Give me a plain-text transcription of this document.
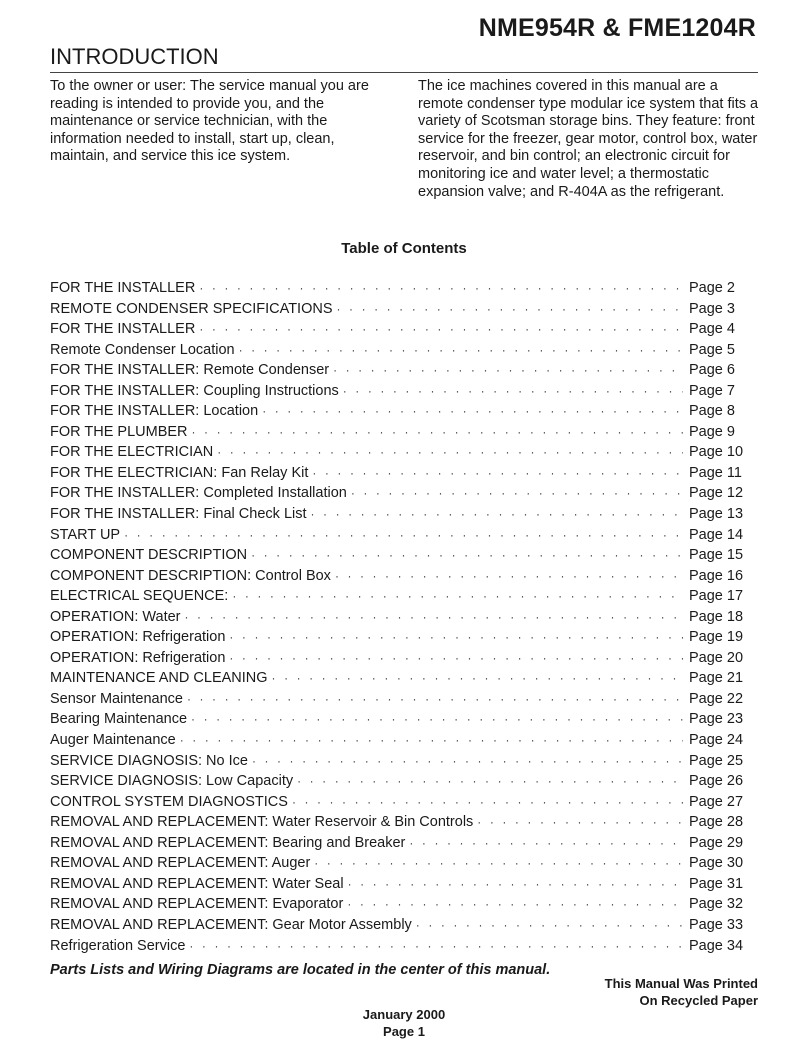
NME954R & FME1204R
INTRODUCTION

To the owner or user: The service manual you are reading is intended to provide you, and the maintenance or service technician, with the information needed to install, start up, clean, maintain, and service this ice system.

The ice machines covered in this manual are a remote condenser type modular ice system that fits a variety of Scotsman storage bins. They feature: front service for the freezer, gear motor, control box, water reservoir, and bin control; an electronic circuit for monitoring ice and water level; a thermostatic expansion valve; and R-404A as the refrigerant.

Table of Contents
FOR THE INSTALLER · · ·	Page 2
REMOTE CONDENSER SPECIFICATIONS · · ·	Page 3
FOR THE INSTALLER · · ·	Page 4
Remote Condenser Location · · ·	Page 5
FOR THE INSTALLER: Remote Condenser · · ·	Page 6
FOR THE INSTALLER: Coupling Instructions · · ·	Page 7
FOR THE INSTALLER: Location · · ·	Page 8
FOR THE PLUMBER · · ·	Page 9
FOR THE ELECTRICIAN · · ·	Page 10
FOR THE ELECTRICIAN: Fan Relay Kit · · ·	Page 11
FOR THE INSTALLER: Completed Installation · · ·	Page 12
FOR THE INSTALLER: Final Check List · · ·	Page 13
START UP · · ·	Page 14
COMPONENT DESCRIPTION · · ·	Page 15
COMPONENT DESCRIPTION: Control Box · · ·	Page 16
ELECTRICAL SEQUENCE: · · ·	Page 17
OPERATION: Water · · ·	Page 18
OPERATION: Refrigeration · · ·	Page 19
OPERATION: Refrigeration · · ·	Page 20
MAINTENANCE AND CLEANING · · ·	Page 21
Sensor Maintenance · · ·	Page 22
Bearing Maintenance · · ·	Page 23
Auger Maintenance · · ·	Page 24
SERVICE DIAGNOSIS: No Ice · · ·	Page 25
SERVICE DIAGNOSIS: Low Capacity · · ·	Page 26
CONTROL SYSTEM DIAGNOSTICS · · ·	Page 27
REMOVAL AND REPLACEMENT: Water Reservoir & Bin Controls · · ·	Page 28
REMOVAL AND REPLACEMENT: Bearing and Breaker · · ·	Page 29
REMOVAL AND REPLACEMENT: Auger · · ·	Page 30
REMOVAL AND REPLACEMENT: Water Seal · · ·	Page 31
REMOVAL AND REPLACEMENT: Evaporator · · ·	Page 32
REMOVAL AND REPLACEMENT: Gear Motor Assembly · · ·	Page 33
Refrigeration Service · · ·	Page 34
Parts Lists and Wiring Diagrams are located in the center of this manual.
This Manual Was Printed
On Recycled Paper
January 2000
Page 1
